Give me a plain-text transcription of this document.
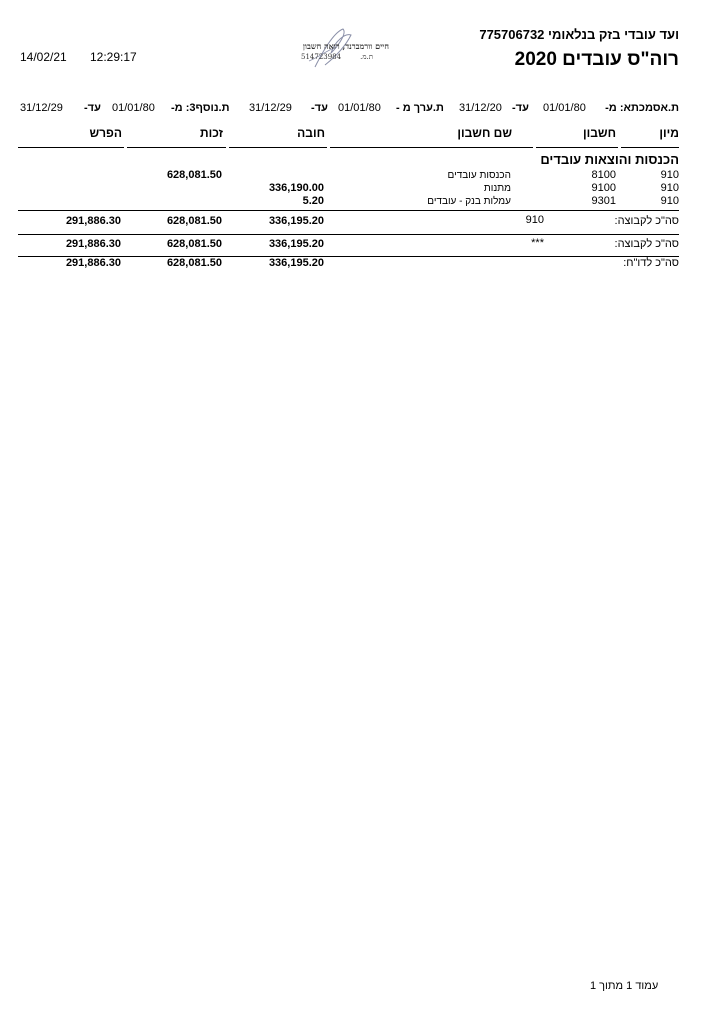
ועד עובדי בזק בנלאומי 775706732
רוה"ס עובדים 2020
14/02/21 12:29:17
חיים וורמברנד, רואה חשבון
ת.מ.
514723984
ת.אסמכתא: מ-
01/01/80
עד-
31/12/20
ת.ערך מ -
01/01/80
עד-
31/12/29
ת.נוסף3: מ-
01/01/80
עד-
31/12/29
מיון
חשבון
שם חשבון
חובה
זכות
הפרש
הכנסות והוצאות עובדים
910
8100
הכנסות עובדים
628,081.50
910
9100
מתנות
336,190.00
910
9301
עמלות בנק - עובדים
5.20
סה"כ לקבוצה:
910
336,195.20
628,081.50
291,886.30
סה"כ לקבוצה:
***
336,195.20
628,081.50
291,886.30
סה"כ לדו"ח:
336,195.20
628,081.50
291,886.30
עמוד 1 מתוך 1
